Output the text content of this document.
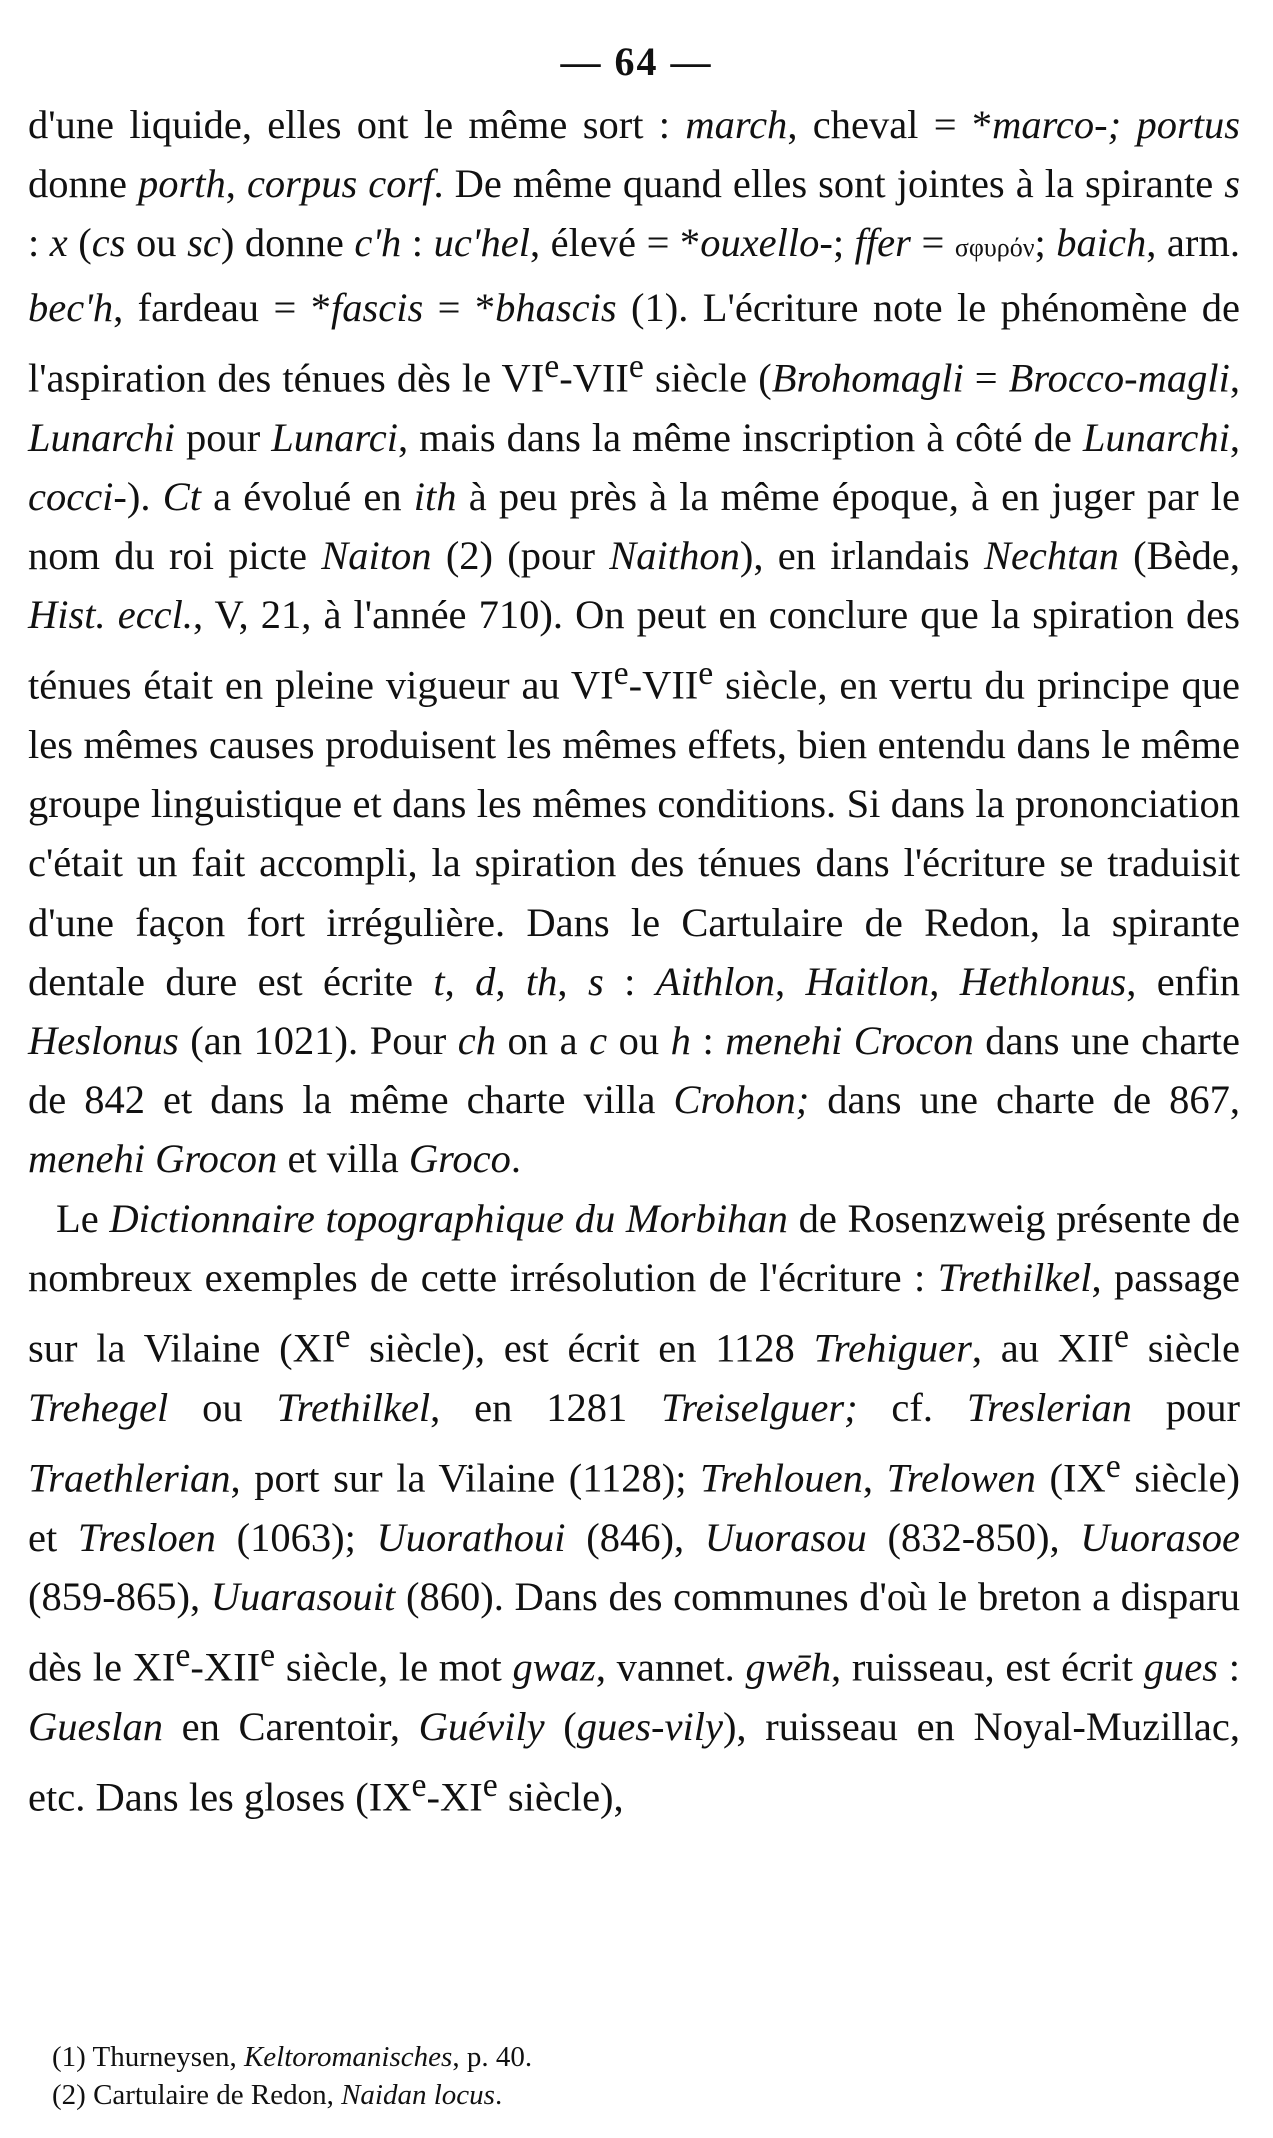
— 64 —

d'une liquide, elles ont le même sort : march, cheval = *marco-; portus donne porth, corpus corf. De même quand elles sont jointes à la spirante s : x (cs ou sc) donne c'h : uc'hel, élevé = *ouxello-; ffer = σφυρόν; baich, arm. bec'h, fardeau = *fascis = *bhascis (1). L'écriture note le phénomène de l'aspiration des ténues dès le VIe-VIIe siècle (Brohomagli = Brocco-magli, Lunarchi pour Lunarci, mais dans la même inscription à côté de Lunarchi, cocci-). Ct a évolué en ith à peu près à la même époque, à en juger par le nom du roi picte Naiton (2) (pour Naithon), en irlandais Nechtan (Bède, Hist. eccl., V, 21, à l'année 710). On peut en conclure que la spiration des ténues était en pleine vigueur au VIe-VIIe siècle, en vertu du principe que les mêmes causes produisent les mêmes effets, bien entendu dans le même groupe linguistique et dans les mêmes conditions. Si dans la prononciation c'était un fait accompli, la spiration des ténues dans l'écriture se traduisit d'une façon fort irrégulière. Dans le Cartulaire de Redon, la spirante dentale dure est écrite t, d, th, s : Aithlon, Haitlon, Hethlonus, enfin Heslonus (an 1021). Pour ch on a c ou h : menehi Crocon dans une charte de 842 et dans la même charte villa Crohon; dans une charte de 867, menehi Grocon et villa Groco.

Le Dictionnaire topographique du Morbihan de Rosenzweig présente de nombreux exemples de cette irrésolution de l'écriture : Trethilkel, passage sur la Vilaine (XIe siècle), est écrit en 1128 Trehiguer, au XIIe siècle Trehegel ou Trethilkel, en 1281 Treiselguer; cf. Treslerian pour Traethlerian, port sur la Vilaine (1128); Trehlouen, Trelowen (IXe siècle) et Tresloen (1063); Uuorathoui (846), Uuorasou (832-850), Uuorasoe (859-865), Uuarasouit (860). Dans des communes d'où le breton a disparu dès le XIe-XIIe siècle, le mot gwaz, vannet. gwēh, ruisseau, est écrit gues : Gueslan en Carentoir, Guévily (gues-vily), ruisseau en Noyal-Muzillac, etc. Dans les gloses (IXe-XIe siècle),

(1) Thurneysen, Keltoromanisches, p. 40.

(2) Cartulaire de Redon, Naidan locus.
